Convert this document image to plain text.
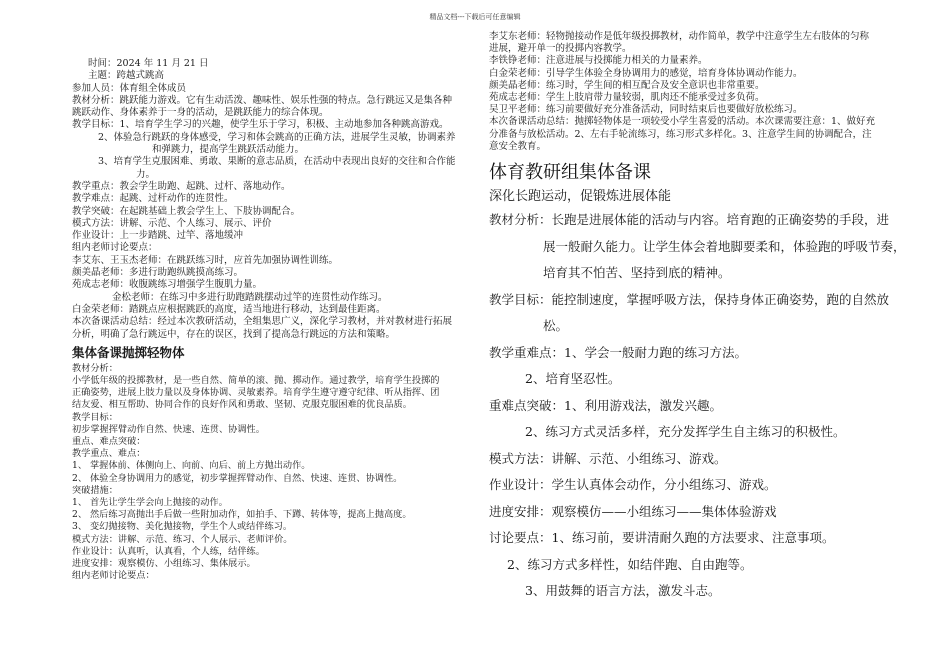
精品文档---下载后可任意编辑
时间：2024 年 11 月 21 日
主题：跨越式跳高
参加人员：体育组全体成员
教材分析：跳跃能力游戏。它有生动活泼、趣味性、娱乐性强的特点。急行跳远又是集各种
跳跃动作、身体素养于一身的活动，是跳跃能力的综合体现。
教学目标：1、培育学生学习的兴趣，使学生乐于学习，积极、主动地参加各种跳高游戏。
2、体验急行跳跃的身体感受，学习和体会跳高的正确方法，进展学生灵敏，协调素养
和弹跳力，提高学生跳跃活动能力。
3、培育学生克服困难、勇敢、果断的意志品质，在活动中表现出良好的交往和合作能
力。
教学重点：教会学生助跑、起跳、过杆、落地动作。
教学难点：起跳、过杆动作的连贯性。
教学突破：在起跳基础上教会学生上、下肢协调配合。
模式方法：讲解、示范、个人练习、展示、评价
作业设计：上一步踏跳、过竿、落地缓冲
组内老师讨论要点：
李艾东、王玉杰老师：在跳跃练习时，应首先加强协调性训练。
颜美晶老师：多进行助跑纵跳摸高练习。
苑成志老师：收腹跳练习增强学生腹肌力量。
金松老师：在练习中多进行助跑踏跳摆动过竿的连贯性动作练习。
白金荣老师：踏跳点应根据跳跃的高度，适当地进行移动，达到最佳距离。
本次备课活动总结：经过本次教研活动，全组集思广义，深化学习教材，并对教材进行拓展
分析，明确了急行跳远中，存在的误区，找到了提高急行跳远的方法和策略。
集体备课抛掷轻物体
教材分析：
小学低年级的投掷教材，是一些自然、简单的滚、抛、掷动作。通过教学，培育学生投掷的
正确姿势，进展上肢力量以及身体协调、灵敏素养。培育学生遵守遵守纪律、听从指挥、团
结友爱、相互帮助、协同合作的良好作风和勇敢、坚韧、克服克服困难的优良品质。
教学目标：
初步掌握挥臂动作自然、快速、连贯、协调性。
重点、难点突破：
教学重点、难点：
1、 掌握体前、体侧向上、向前、向后、前上方抛出动作。
2、 体验全身协调用力的感觉，初步掌握挥臂动作、自然、快速、连贯、协调性。
突破措施：
1、 首先让学生学会向上抛接的动作。
2、 然后练习高抛出手后做一些附加动作，如拍手、下蹲、转体等，提高上抛高度。
3、 变幻抛接物、美化抛接物，学生个人或结伴练习。
模式方法：讲解、示范、练习、个人展示、老师评价。
作业设计：认真听，认真看，个人练，结伴练。
进度安排：观察模仿、小组练习、集体展示。
组内老师讨论要点：
李艾东老师：轻物抛接动作是低年级投掷教材，动作简单，教学中注意学生左右肢体的匀称
进展，避开单一的投掷内容教学。
李铁铮老师：注意进展与投掷能力相关的力量素养。
白金荣老师：引导学生体验全身协调用力的感觉，培育身体协调动作能力。
颜美晶老师：练习时，学生间的相互配合及安全意识也非常重要。
苑成志老师：学生上肢肩带力量较弱，肌肉还不能承受过多负荷。
吴卫平老师：练习前要做好充分准备活动，同时结束后也要做好放松练习。
本次备课活动总结：抛掷轻物体是一项较受小学生喜爱的活动。本次课需要注意：1、做好充
分准备与放松活动。2、左右手轮流练习，练习形式多样化。3、注意学生间的协调配合，注
意安全教育。
体育教研组集体备课
深化长跑运动，促锻炼进展体能
教材分析：长跑是进展体能的活动与内容。培育跑的正确姿势的手段，进
展一般耐久能力。让学生体会着地脚要柔和，体验跑的呼吸节奏，
培育其不怕苦、坚持到底的精神。
教学目标：能控制速度，掌握呼吸方法，保持身体正确姿势，跑的自然放
松。
教学重难点：1、学会一般耐力跑的练习方法。
2、培育坚忍性。
重难点突破：1、利用游戏法，激发兴趣。
2、练习方式灵活多样，充分发挥学生自主练习的积极性。
模式方法：讲解、示范、小组练习、游戏。
作业设计：学生认真体会动作，分小组练习、游戏。
进度安排：观察模仿——小组练习——集体体验游戏
讨论要点：1、练习前，要讲清耐久跑的方法要求、注意事项。
2、练习方式多样性，如结伴跑、自由跑等。
3、用鼓舞的语言方法，激发斗志。
